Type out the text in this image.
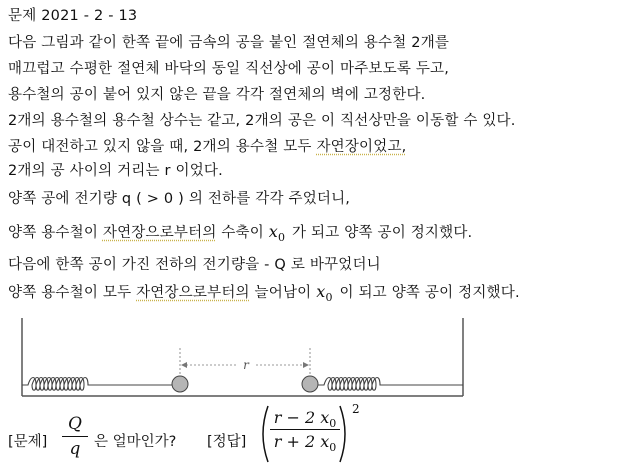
문제 2021 - 2 - 13
다음 그림과 같이 한쪽 끝에 금속의 공을 붙인 절연체의 용수철 2개를
매끄럽고 수평한 절연체 바닥의 동일 직선상에 공이 마주보도록 두고,
용수철의 공이 붙어 있지 않은 끝을 각각 절연체의 벽에 고정한다.
2개의 용수철의 용수철 상수는 같고, 2개의 공은 이 직선상만을 이동할 수 있다.
공이 대전하고 있지 않을 때, 2개의 용수철 모두 자연장이었고,
2개의 공 사이의 거리는 r 이었다.
양쪽 공에 전기량 q ( > 0 ) 의 전하를 각각 주었더니,
양쪽 용수철이 자연장으로부터의 수축이 $x_0$ 가 되고 양쪽 공이 정지했다.
다음에 한쪽 공이 가진 전하의 전기량을 - Q 로 바꾸었더니
양쪽 용수철이 모두 자연장으로부터의 늘어남이 $x_0$ 이 되고 양쪽 공이 정지했다.
r
[문제]
Q
q 은 얼마인가? [정답]
r − 2 $x_0$
r + 2 $x_0$
2
